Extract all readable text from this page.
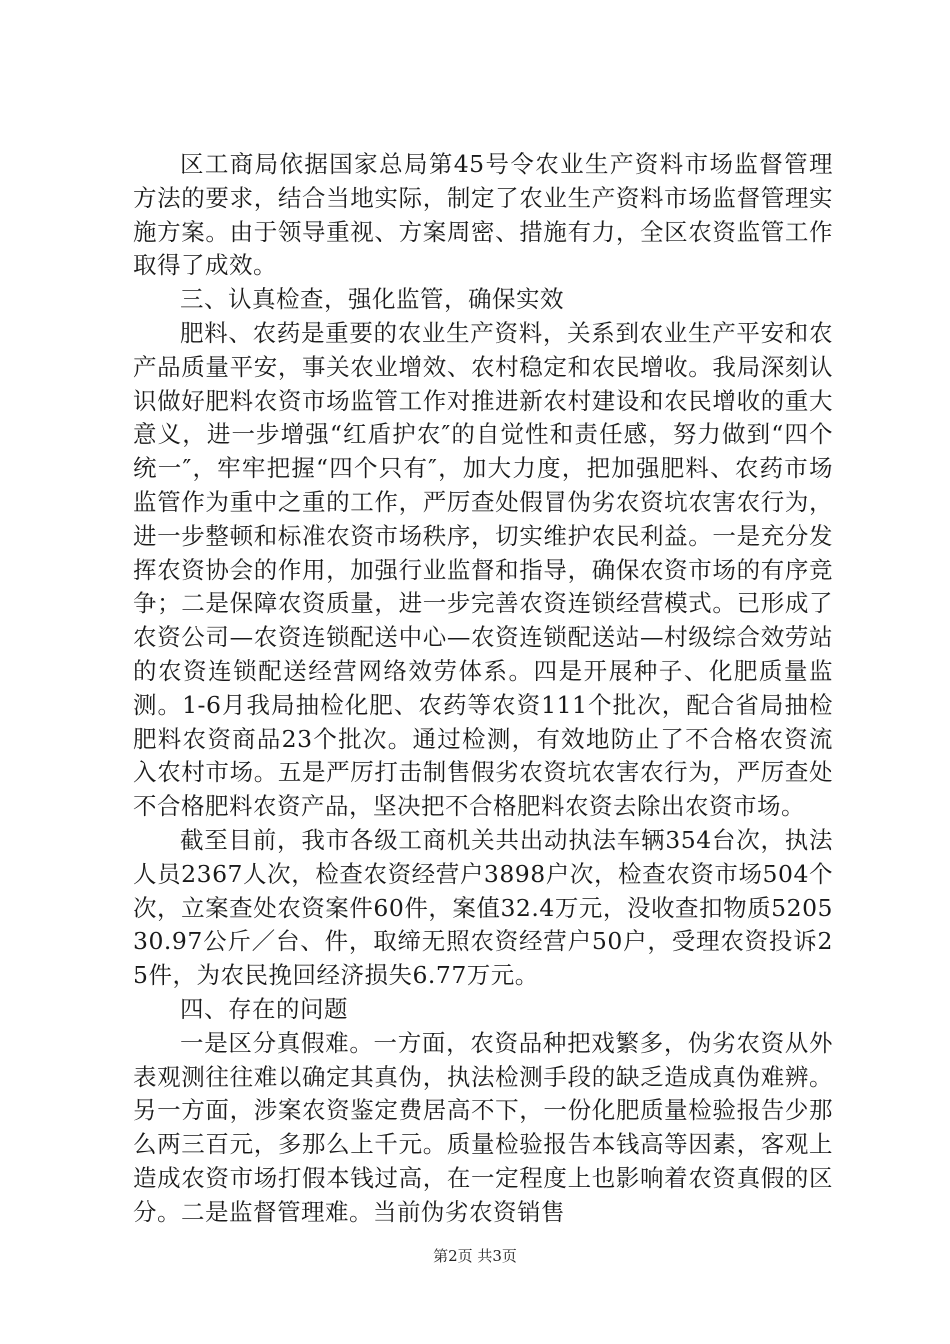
区工商局依据国家总局第45号令农业生产资料市场监督管理方法的要求，结合当地实际，制定了农业生产资料市场监督管理实施方案。由于领导重视、方案周密、措施有力，全区农资监管工作取得了成效。

三、认真检查，强化监管，确保实效

肥料、农药是重要的农业生产资料，关系到农业生产平安和农产品质量平安，事关农业增效、农村稳定和农民增收。我局深刻认识做好肥料农资市场监管工作对推进新农村建设和农民增收的重大意义，进一步增强“红盾护农″的自觉性和责任感，努力做到“四个统一″，牢牢把握“四个只有″，加大力度，把加强肥料、农药市场监管作为重中之重的工作，严厉查处假冒伪劣农资坑农害农行为，进一步整顿和标准农资市场秩序，切实维护农民利益。一是充分发挥农资协会的作用，加强行业监督和指导，确保农资市场的有序竞争；二是保障农资质量，进一步完善农资连锁经营模式。已形成了农资公司—农资连锁配送中心—农资连锁配送站—村级综合效劳站的农资连锁配送经营网络效劳体系。四是开展种子、化肥质量监测。1-6月我局抽检化肥、农药等农资111个批次，配合省局抽检肥料农资商品23个批次。通过检测，有效地防止了不合格农资流入农村市场。五是严厉打击制售假劣农资坑农害农行为，严厉查处不合格肥料农资产品，坚决把不合格肥料农资去除出农资市场。

截至目前，我市各级工商机关共出动执法车辆354台次，执法人员2367人次，检查农资经营户3898户次，检查农资市场504个次，立案查处农资案件60件，案值32.4万元，没收查扣物质520530.97公斤／台、件，取缔无照农资经营户50户，受理农资投诉25件，为农民挽回经济损失6.77万元。

四、存在的问题

一是区分真假难。一方面，农资品种把戏繁多，伪劣农资从外表观测往往难以确定其真伪，执法检测手段的缺乏造成真伪难辨。另一方面，涉案农资鉴定费居高不下，一份化肥质量检验报告少那么两三百元，多那么上千元。质量检验报告本钱高等因素，客观上造成农资市场打假本钱过高，在一定程度上也影响着农资真假的区分。二是监督管理难。当前伪劣农资销售

第2页 共3页
